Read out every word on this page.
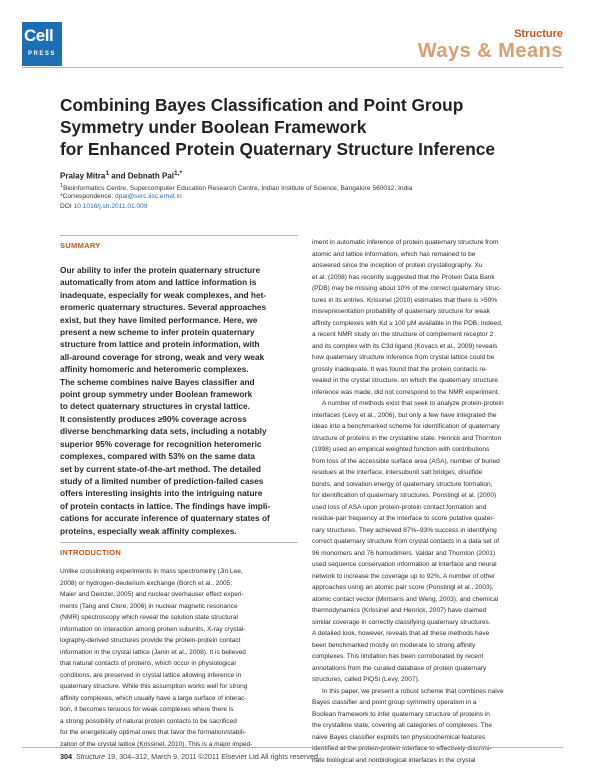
Cell
PRESS
Structure
Ways & Means
Combining Bayes Classification and Point Group
Symmetry under Boolean Framework
for Enhanced Protein Quaternary Structure Inference
Pralay Mitra$^1$ and Debnath Pal$^{1,*}$
$^1$Bioinformatics Centre, Supercomputer Education Research Centre, Indian Institute of Science, Bangalore 560012, India
*Correspondence: dpal@serc.iisc.ernet.in
DOI 10.1016/j.str.2011.01.009
SUMMARY
Our ability to infer the protein quaternary structure
automatically from atom and lattice information is
inadequate, especially for weak complexes, and het-
eromeric quaternary structures. Several approaches
exist, but they have limited performance. Here, we
present a new scheme to infer protein quaternary
structure from lattice and protein information, with
all-around coverage for strong, weak and very weak
affinity homomeric and heteromeric complexes.
The scheme combines naive Bayes classifier and
point group symmetry under Boolean framework
to detect quaternary structures in crystal lattice.
It consistently produces ≥90% coverage across
diverse benchmarking data sets, including a notably
superior 95% coverage for recognition heteromeric
complexes, compared with 53% on the same data
set by current state-of-the-art method. The detailed
study of a limited number of prediction-failed cases
offers interesting insights into the intriguing nature
of protein contacts in lattice. The findings have impli-
cations for accurate inference of quaternary states of
proteins, especially weak affinity complexes.
INTRODUCTION
Unlike crosslinking experiments in mass spectrometry (Jin Lee,
2008) or hydrogen-deuterium exchange (Borch et al., 2005;
Maier and Deinzer, 2005) and nuclear overhauser effect experi-
ments (Tang and Clore, 2006) in nuclear magnetic resonance
(NMR) spectroscopy which reveal the solution state structural
information on interaction among protein subunits, X-ray crystal-
lography-derived structures provide the protein-protein contact
information in the crystal lattice (Janin et al., 2008). It is believed
that natural contacts of proteins, which occur in physiological
conditions, are preserved in crystal lattice allowing inference in
quaternary structure. While this assumption works well for strong
affinity complexes, which usually have a large surface of interac-
tion, it becomes tenuous for weak complexes where there is
a strong possibility of natural protein contacts to be sacrificed
for the energetically optimal ones that favor the formation/stabili-
zation of the crystal lattice (Krissinel, 2010). This is a major imped-
iment in automatic inference of protein quaternary structure from
atomic and lattice information, which has remained to be
answered since the inception of protein crystallography. Xu
et al. (2008) has recently suggested that the Protein Data Bank
(PDB) may be missing about 10% of the correct quaternary struc-
tures in its entries. Krissinel (2010) estimates that there is >50%
misrepresentation probability of quaternary structure for weak
affinity complexes with Kd ≥ 100 μM available in the PDB. Indeed,
a recent NMR study on the structure of complement receptor 2
and its complex with its C3d ligand (Kovacs et al., 2009) reveals
how quaternary structure inference from crystal lattice could be
grossly inadequate. It was found that the protein contacts re-
vealed in the crystal structure, on which the quaternary structure
inference was made, did not correspond to the NMR experiment.
A number of methods exist that seek to analyze protein-protein
interfaces (Levy et al., 2006), but only a few have integrated the
ideas into a benchmarked scheme for identification of quaternary
structure of proteins in the crystalline state. Henrick and Thornton
(1998) used an empirical weighted function with contributions
from loss of the accessible surface area (ASA), number of buried
residues at the interface, intersubunit salt bridges, disulfide
bonds, and solvation energy of quaternary structure formation,
for identification of quaternary structures. Ponstingl et al. (2000)
used loss of ASA upon protein-protein contact formation and
residue-pair frequency at the interface to score putative quater-
nary structures. They achieved 87%–93% success in identifying
correct quaternary structure from crystal contacts in a data set of
96 monomers and 76 homodimers. Valdar and Thornton (2001)
used sequence conservation information at interface and neural
network to increase the coverage up to 92%. A number of other
approaches using an atomic pair score (Ponstingl et al., 2003),
atomic contact vector (Mintseris and Weng, 2003), and chemical
thermodynamics (Krissinel and Henrick, 2007) have claimed
similar coverage in correctly classifying quaternary structures.
A detailed look, however, reveals that all these methods have
been benchmarked mostly on moderate to strong affinity
complexes. This limitation has been corroborated by recent
annotations from the curated database of protein quaternary
structures, called PiQSi (Levy, 2007).
In this paper, we present a robust scheme that combines naive
Bayes classifier and point group symmetry operation in a
Boolean framework to infer quaternary structure of proteins in
the crystalline state, covering all categories of complexes. The
naive Bayes classifier exploits ten physicochemical features
identified at the protein-protein interface to effectively discrimi-
nate biological and nonbiological interfaces in the crystal
304 Structure 19, 304–312, March 9, 2011 ©2011 Elsevier Ltd All rights reserved
